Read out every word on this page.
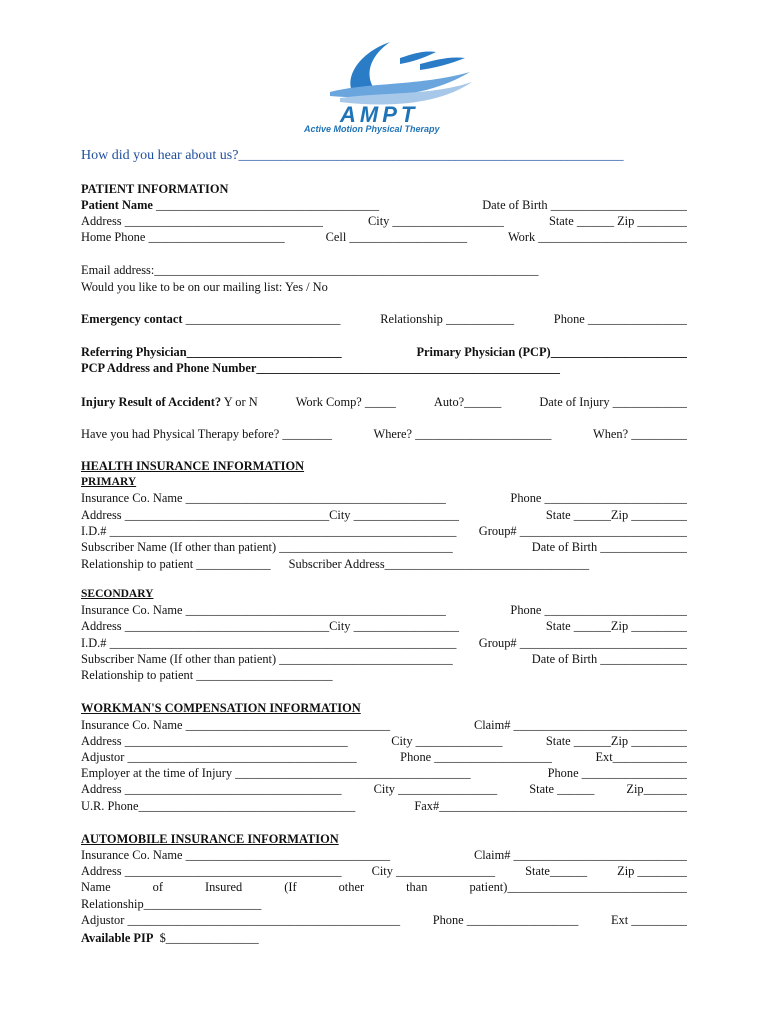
AMPT
Active Motion Physical Therapy
How did you hear about us?_______________________________________________________
PATIENT INFORMATION
Patient Name ____________________________________	Date of Birth ______________________
Address ________________________________	City __________________	State ______ Zip ________
Home Phone ______________________	Cell ___________________	Work ________________________
Email address:______________________________________________________________
Would you like to be on our mailing list: Yes / No
Emergency contact _________________________	Relationship ___________	Phone ________________
Referring Physician_________________________	Primary Physician (PCP)______________________
PCP Address and Phone Number_________________________________________________
Injury Result of Accident? Y or N	Work Comp? _____	Auto?______	Date of Injury ____________
Have you had Physical Therapy before? ________	Where? ______________________	When? _________
HEALTH INSURANCE INFORMATION
PRIMARY
Insurance Co. Name __________________________________________	Phone _______________________
Address _________________________________City _________________	State ______Zip _________
I.D.# ________________________________________________________ Group# ___________________________
Subscriber Name (If other than patient) ____________________________	Date of Birth ______________
Relationship to patient ____________ Subscriber Address_________________________________
SECONDARY
Insurance Co. Name __________________________________________	Phone _______________________
Address _________________________________City _________________	State ______Zip _________
I.D.# ________________________________________________________ Group# ___________________________
Subscriber Name (If other than patient) ____________________________	Date of Birth ______________
Relationship to patient ______________________
WORKMAN'S COMPENSATION INFORMATION
Insurance Co. Name _________________________________	Claim# ____________________________
Address ____________________________________	City ______________	State ______Zip _________
Adjustor _____________________________________	Phone ___________________	Ext____________
Employer at the time of Injury ______________________________________	Phone _________________
Address ___________________________________	City ________________	State ______	Zip_______
U.R. Phone___________________________________	Fax#________________________________________
AUTOMOBILE INSURANCE INFORMATION
Insurance Co. Name _________________________________	Claim# ____________________________
Address ___________________________________ City ________________ State______ Zip ________
Name	of	Insured	(If	other	than	patient)_____________________________
Relationship___________________
Adjustor ____________________________________________	Phone __________________	Ext _________
Available PIP
$_______________
